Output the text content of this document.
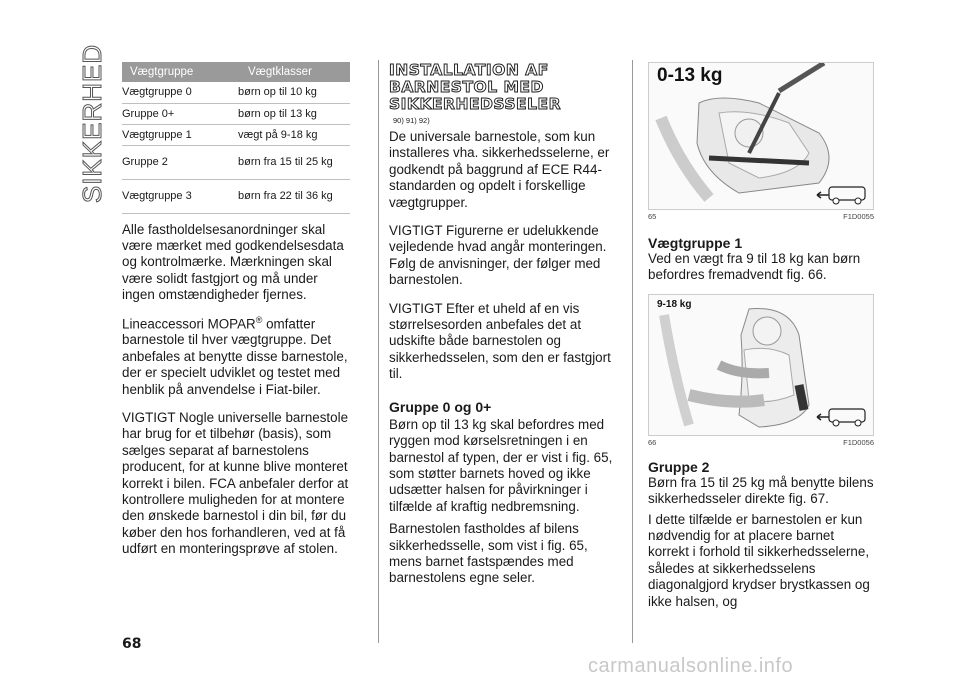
SIKKERHED Vægtgruppe	Vægtklasser
Vægtgruppe 0	børn op til 10 kg
Gruppe 0+	børn op til 13 kg
Vægtgruppe 1	vægt på 9-18 kg
Gruppe 2	børn fra 15 til 25 kg
Vægtgruppe 3	børn fra 22 til 36 kg

Alle fastholdelsesanordninger skal være mærket med godkendelsesdata og kontrolmærke. Mærkningen skal være solidt fastgjort og må under ingen omstændigheder fjernes.

Lineaccessori MOPAR® omfatter barnestole til hver vægtgruppe. Det anbefales at benytte disse barnestole, der er specielt udviklet og testet med henblik på anvendelse i Fiat-biler.

VIGTIGT Nogle universelle barnestole har brug for et tilbehør (basis), som sælges separat af barnestolens producent, for at kunne blive monteret korrekt i bilen. FCA anbefaler derfor at kontrollere muligheden for at montere den ønskede barnestol i din bil, før du køber den hos forhandleren, ved at få udført en monteringsprøve af stolen.

INSTALLATION AF BARNESTOL MED SIKKERHEDSSELER
90) 91) 92)

De universale barnestole, som kun installeres vha. sikkerhedsselerne, er godkendt på baggrund af ECE R44-standarden og opdelt i forskellige vægtgrupper.

VIGTIGT Figurerne er udelukkende vejledende hvad angår monteringen. Følg de anvisninger, der følger med barnestolen.

VIGTIGT Efter et uheld af en vis størrelsesorden anbefales det at udskifte både barnestolen og sikkerhedsselen, som den er fastgjort til.

Gruppe 0 og 0+

Børn op til 13 kg skal befordres med ryggen mod kørselsretningen i en barnestol af typen, der er vist i fig. 65, som støtter barnets hoved og ikke udsætter halsen for påvirkninger i tilfælde af kraftig nedbremsning.

Barnestolen fastholdes af bilens sikkerhedsselle, som vist i fig. 65, mens barnet fastspændes med barnestolens egne seler.

0-13 kg
65	F1D0055
Vægtgruppe 1

Ved en vægt fra 9 til 18 kg kan børn befordres fremadvendt fig. 66.

9-18 kg
66	F1D0056
Gruppe 2

Børn fra 15 til 25 kg må benytte bilens sikkerhedsseler direkte fig. 67.

I dette tilfælde er barnestolen er kun nødvendig for at placere barnet korrekt i forhold til sikkerhedsselerne, således at sikkerhedsselens diagonalgjord krydser brystkassen og ikke halsen, og

68
carmanualsonline.info
